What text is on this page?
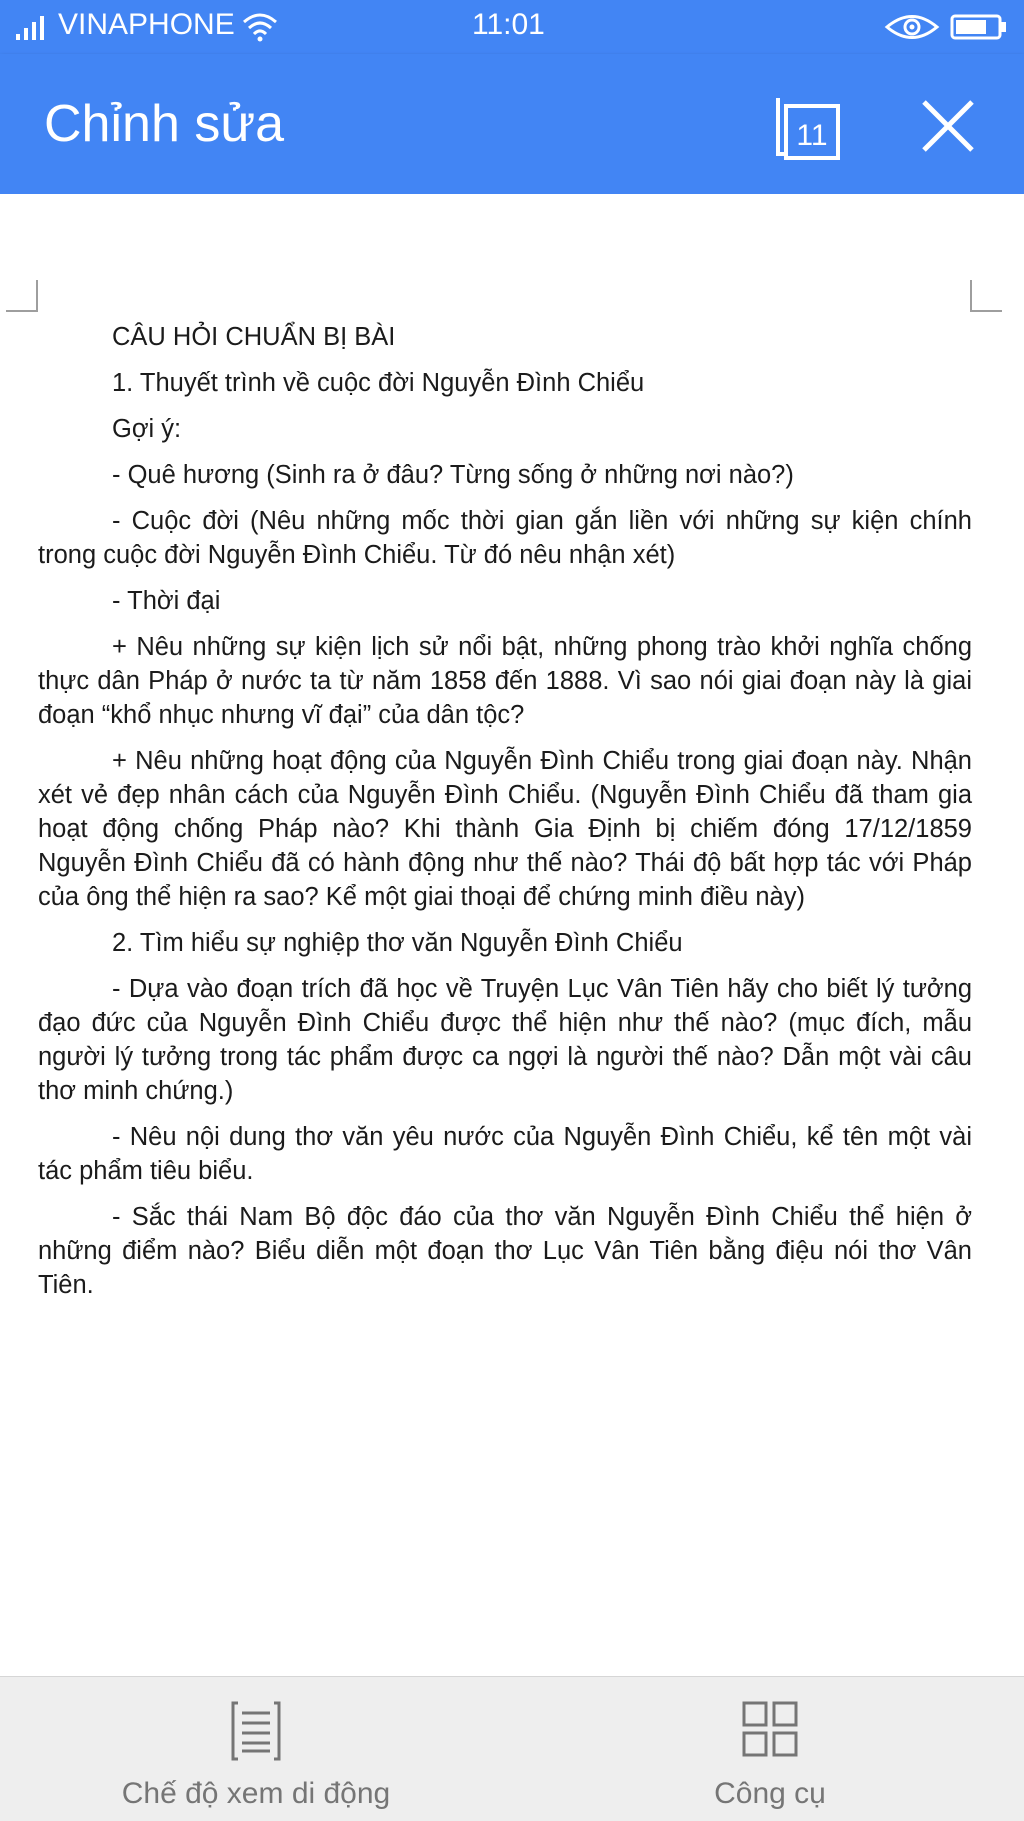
VINAPHONE	11:01
Chỉnh sửa	11

CÂU HỎI CHUẨN BỊ BÀI

1. Thuyết trình về cuộc đời Nguyễn Đình Chiểu

Gợi ý:

- Quê hương (Sinh ra ở đâu? Từng sống ở những nơi nào?)

- Cuộc đời (Nêu những mốc thời gian gắn liền với những sự kiện chính trong cuộc đời Nguyễn Đình Chiểu. Từ đó nêu nhận xét)

- Thời đại

+ Nêu những sự kiện lịch sử nổi bật, những phong trào khởi nghĩa chống thực dân Pháp ở nước ta từ năm 1858 đến 1888. Vì sao nói giai đoạn này là giai đoạn “khổ nhục nhưng vĩ đại” của dân tộc?

+ Nêu những hoạt động của Nguyễn Đình Chiểu trong giai đoạn này. Nhận xét vẻ đẹp nhân cách của Nguyễn Đình Chiểu. (Nguyễn Đình Chiểu đã tham gia hoạt động chống Pháp nào? Khi thành Gia Định bị chiếm đóng 17/12/1859 Nguyễn Đình Chiểu đã có hành động như thế nào? Thái độ bất hợp tác với Pháp của ông thể hiện ra sao? Kể một giai thoại để chứng minh điều này)

2. Tìm hiểu sự nghiệp thơ văn Nguyễn Đình Chiểu

- Dựa vào đoạn trích đã học về Truyện Lục Vân Tiên hãy cho biết lý tưởng đạo đức của Nguyễn Đình Chiểu được thể hiện như thế nào? (mục đích, mẫu người lý tưởng trong tác phẩm được ca ngợi là người thế nào? Dẫn một vài câu thơ minh chứng.)

- Nêu nội dung thơ văn yêu nước của Nguyễn Đình Chiểu, kể tên một vài tác phẩm tiêu biểu.

- Sắc thái Nam Bộ độc đáo của thơ văn Nguyễn Đình Chiểu thể hiện ở những điểm nào? Biểu diễn một đoạn thơ Lục Vân Tiên bằng điệu nói thơ Vân Tiên.

Chế độ xem di động	Công cụ
